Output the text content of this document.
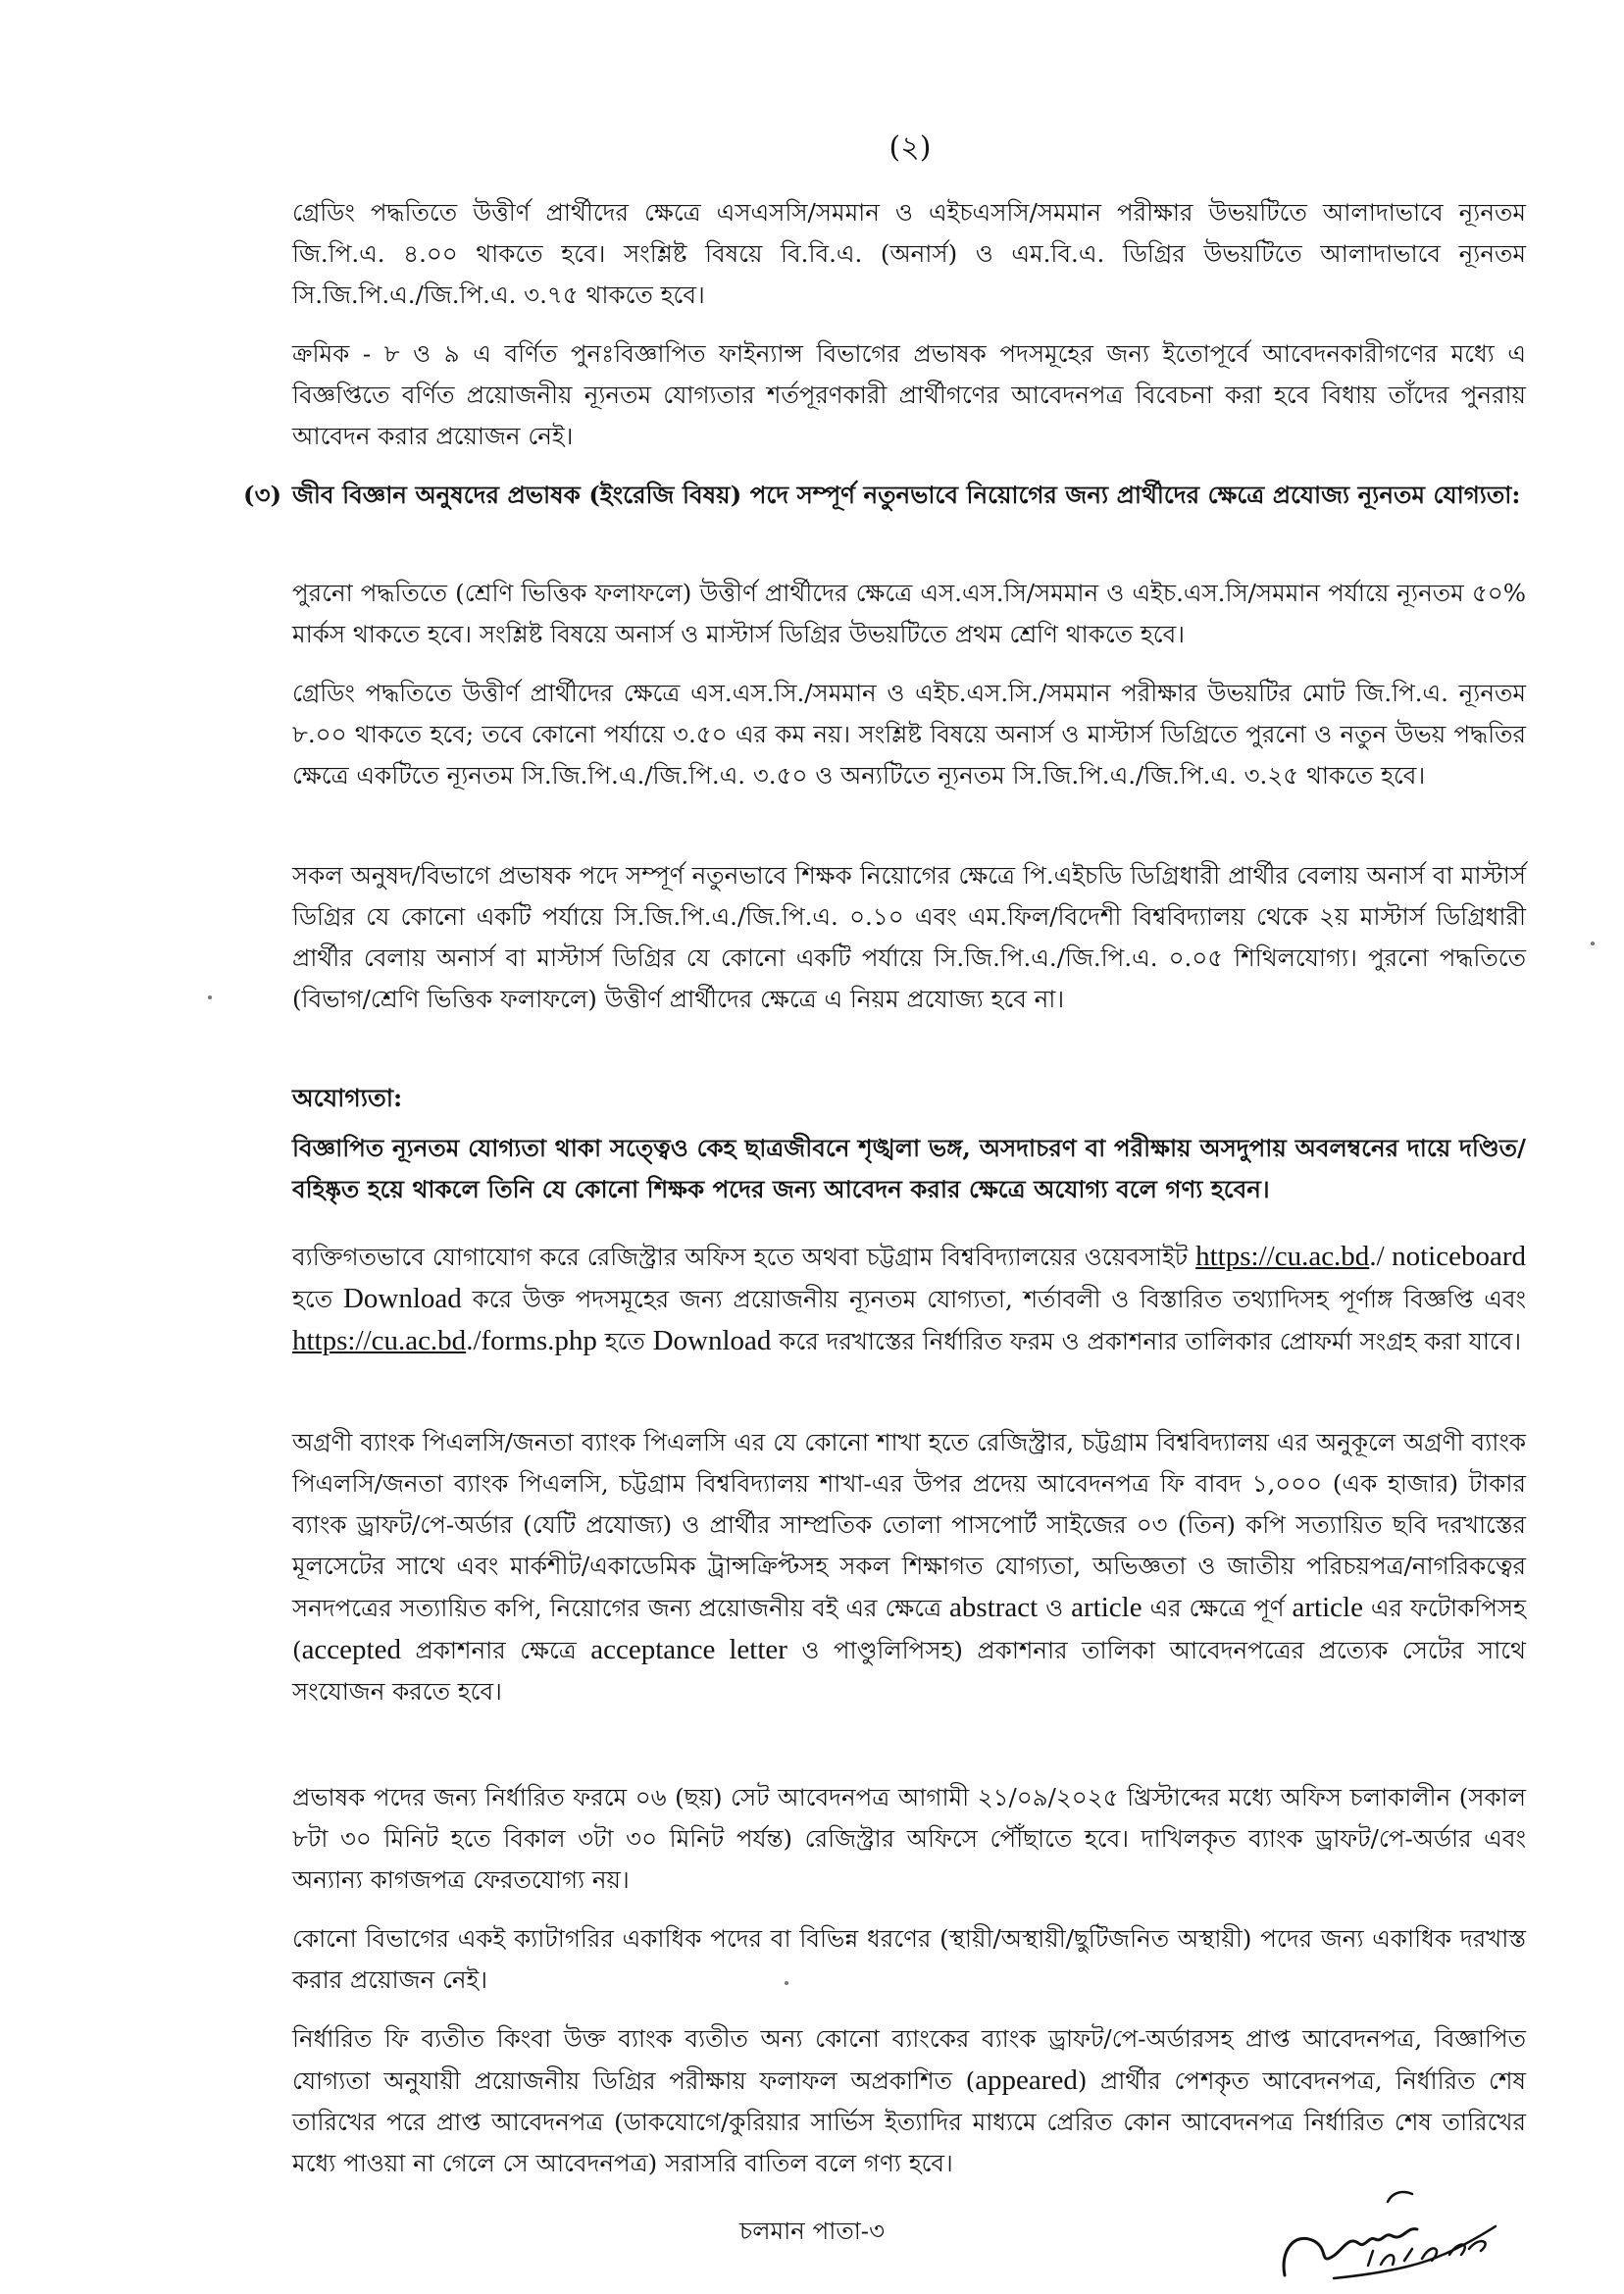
(২)

গ্রেডিং পদ্ধতিতে উত্তীর্ণ প্রার্থীদের ক্ষেত্রে এসএসসি/সমমান ও এইচএসসি/সমমান পরীক্ষার উভয়টিতে আলাদাভাবে ন্যূনতম জি.পি.এ. ৪.০০ থাকতে হবে। সংশ্লিষ্ট বিষয়ে বি.বি.এ. (অনার্স) ও এম.বি.এ. ডিগ্রির উভয়টিতে আলাদাভাবে ন্যূনতম সি.জি.পি.এ./জি.পি.এ. ৩.৭৫ থাকতে হবে।

ক্রমিক - ৮ ও ৯ এ বর্ণিত পুনঃবিজ্ঞাপিত ফাইন্যান্স বিভাগের প্রভাষক পদসমূহের জন্য ইতোপূর্বে আবেদনকারীগণের মধ্যে এ বিজ্ঞপ্তিতে বর্ণিত প্রয়োজনীয় ন্যূনতম যোগ্যতার শর্তপূরণকারী প্রার্থীগণের আবেদনপত্র বিবেচনা করা হবে বিধায় তাঁদের পুনরায় আবেদন করার প্রয়োজন নেই।

(৩) জীব বিজ্ঞান অনুষদের প্রভাষক (ইংরেজি বিষয়) পদে সম্পূর্ণ নতুনভাবে নিয়োগের জন্য প্রার্থীদের ক্ষেত্রে প্রযোজ্য ন্যূনতম যোগ্যতা:

পুরনো পদ্ধতিতে (শ্রেণি ভিত্তিক ফলাফলে) উত্তীর্ণ প্রার্থীদের ক্ষেত্রে এস.এস.সি/সমমান ও এইচ.এস.সি/সমমান পর্যায়ে ন্যূনতম ৫০% মার্কস থাকতে হবে। সংশ্লিষ্ট বিষয়ে অনার্স ও মাস্টার্স ডিগ্রির উভয়টিতে প্রথম শ্রেণি থাকতে হবে।

গ্রেডিং পদ্ধতিতে উত্তীর্ণ প্রার্থীদের ক্ষেত্রে এস.এস.সি./সমমান ও এইচ.এস.সি./সমমান পরীক্ষার উভয়টির মোট জি.পি.এ. ন্যূনতম ৮.০০ থাকতে হবে; তবে কোনো পর্যায়ে ৩.৫০ এর কম নয়। সংশ্লিষ্ট বিষয়ে অনার্স ও মাস্টার্স ডিগ্রিতে পুরনো ও নতুন উভয় পদ্ধতির ক্ষেত্রে একটিতে ন্যূনতম সি.জি.পি.এ./জি.পি.এ. ৩.৫০ ও অন্যটিতে ন্যূনতম সি.জি.পি.এ./জি.পি.এ. ৩.২৫ থাকতে হবে।

সকল অনুষদ/বিভাগে প্রভাষক পদে সম্পূর্ণ নতুনভাবে শিক্ষক নিয়োগের ক্ষেত্রে পি.এইচডি ডিগ্রিধারী প্রার্থীর বেলায় অনার্স বা মাস্টার্স ডিগ্রির যে কোনো একটি পর্যায়ে সি.জি.পি.এ./জি.পি.এ. ০.১০ এবং এম.ফিল/বিদেশী বিশ্ববিদ্যালয় থেকে ২য় মাস্টার্স ডিগ্রিধারী প্রার্থীর বেলায় অনার্স বা মাস্টার্স ডিগ্রির যে কোনো একটি পর্যায়ে সি.জি.পি.এ./জি.পি.এ. ০.০৫ শিথিলযোগ্য। পুরনো পদ্ধতিতে (বিভাগ/শ্রেণি ভিত্তিক ফলাফলে) উত্তীর্ণ প্রার্থীদের ক্ষেত্রে এ নিয়ম প্রযোজ্য হবে না।

অযোগ্যতা:

বিজ্ঞাপিত ন্যূনতম যোগ্যতা থাকা সত্ত্বেও কেহ ছাত্রজীবনে শৃঙ্খলা ভঙ্গ, অসদাচরণ বা পরীক্ষায় অসদুপায় অবলম্বনের দায়ে দণ্ডিত/বহিষ্কৃত হয়ে থাকলে তিনি যে কোনো শিক্ষক পদের জন্য আবেদন করার ক্ষেত্রে অযোগ্য বলে গণ্য হবেন।

ব্যক্তিগতভাবে যোগাযোগ করে রেজিস্ট্রার অফিস হতে অথবা চট্টগ্রাম বিশ্ববিদ্যালয়ের ওয়েবসাইট https://cu.ac.bd./ noticeboard হতে Download করে উক্ত পদসমূহের জন্য প্রয়োজনীয় ন্যূনতম যোগ্যতা, শর্তাবলী ও বিস্তারিত তথ্যাদিসহ পূর্ণাঙ্গ বিজ্ঞপ্তি এবং https://cu.ac.bd./forms.php হতে Download করে দরখাস্তের নির্ধারিত ফরম ও প্রকাশনার তালিকার প্রোফর্মা সংগ্রহ করা যাবে।

অগ্রণী ব্যাংক পিএলসি/জনতা ব্যাংক পিএলসি এর যে কোনো শাখা হতে রেজিস্ট্রার, চট্টগ্রাম বিশ্ববিদ্যালয় এর অনুকূলে অগ্রণী ব্যাংক পিএলসি/জনতা ব্যাংক পিএলসি, চট্টগ্রাম বিশ্ববিদ্যালয় শাখা-এর উপর প্রদেয় আবেদনপত্র ফি বাবদ ১,০০০ (এক হাজার) টাকার ব্যাংক ড্রাফট/পে-অর্ডার (যেটি প্রযোজ্য) ও প্রার্থীর সাম্প্রতিক তোলা পাসপোর্ট সাইজের ০৩ (তিন) কপি সত্যায়িত ছবি দরখাস্তের মূলসেটের সাথে এবং মার্কশীট/একাডেমিক ট্রান্সক্রিপ্টসহ সকল শিক্ষাগত যোগ্যতা, অভিজ্ঞতা ও জাতীয় পরিচয়পত্র/নাগরিকত্বের সনদপত্রের সত্যায়িত কপি, নিয়োগের জন্য প্রয়োজনীয় বই এর ক্ষেত্রে abstract ও article এর ক্ষেত্রে পূর্ণ article এর ফটোকপিসহ (accepted প্রকাশনার ক্ষেত্রে acceptance letter ও পাণ্ডুলিপিসহ) প্রকাশনার তালিকা আবেদনপত্রের প্রত্যেক সেটের সাথে সংযোজন করতে হবে।

প্রভাষক পদের জন্য নির্ধারিত ফরমে ০৬ (ছয়) সেট আবেদনপত্র আগামী ২১/০৯/২০২৫ খ্রিস্টাব্দের মধ্যে অফিস চলাকালীন (সকাল ৮টা ৩০ মিনিট হতে বিকাল ৩টা ৩০ মিনিট পর্যন্ত) রেজিস্ট্রার অফিসে পৌঁছাতে হবে। দাখিলকৃত ব্যাংক ড্রাফট/পে-অর্ডার এবং অন্যান্য কাগজপত্র ফেরতযোগ্য নয়।

কোনো বিভাগের একই ক্যাটাগরির একাধিক পদের বা বিভিন্ন ধরণের (স্থায়ী/অস্থায়ী/ছুটিজনিত অস্থায়ী) পদের জন্য একাধিক দরখাস্ত করার প্রয়োজন নেই।

নির্ধারিত ফি ব্যতীত কিংবা উক্ত ব্যাংক ব্যতীত অন্য কোনো ব্যাংকের ব্যাংক ড্রাফট/পে-অর্ডারসহ প্রাপ্ত আবেদনপত্র, বিজ্ঞাপিত যোগ্যতা অনুযায়ী প্রয়োজনীয় ডিগ্রির পরীক্ষায় ফলাফল অপ্রকাশিত (appeared) প্রার্থীর পেশকৃত আবেদনপত্র, নির্ধারিত শেষ তারিখের পরে প্রাপ্ত আবেদনপত্র (ডাকযোগে/কুরিয়ার সার্ভিস ইত্যাদির মাধ্যমে প্রেরিত কোন আবেদনপত্র নির্ধারিত শেষ তারিখের মধ্যে পাওয়া না গেলে সে আবেদনপত্র) সরাসরি বাতিল বলে গণ্য হবে।

চলমান পাতা-৩
